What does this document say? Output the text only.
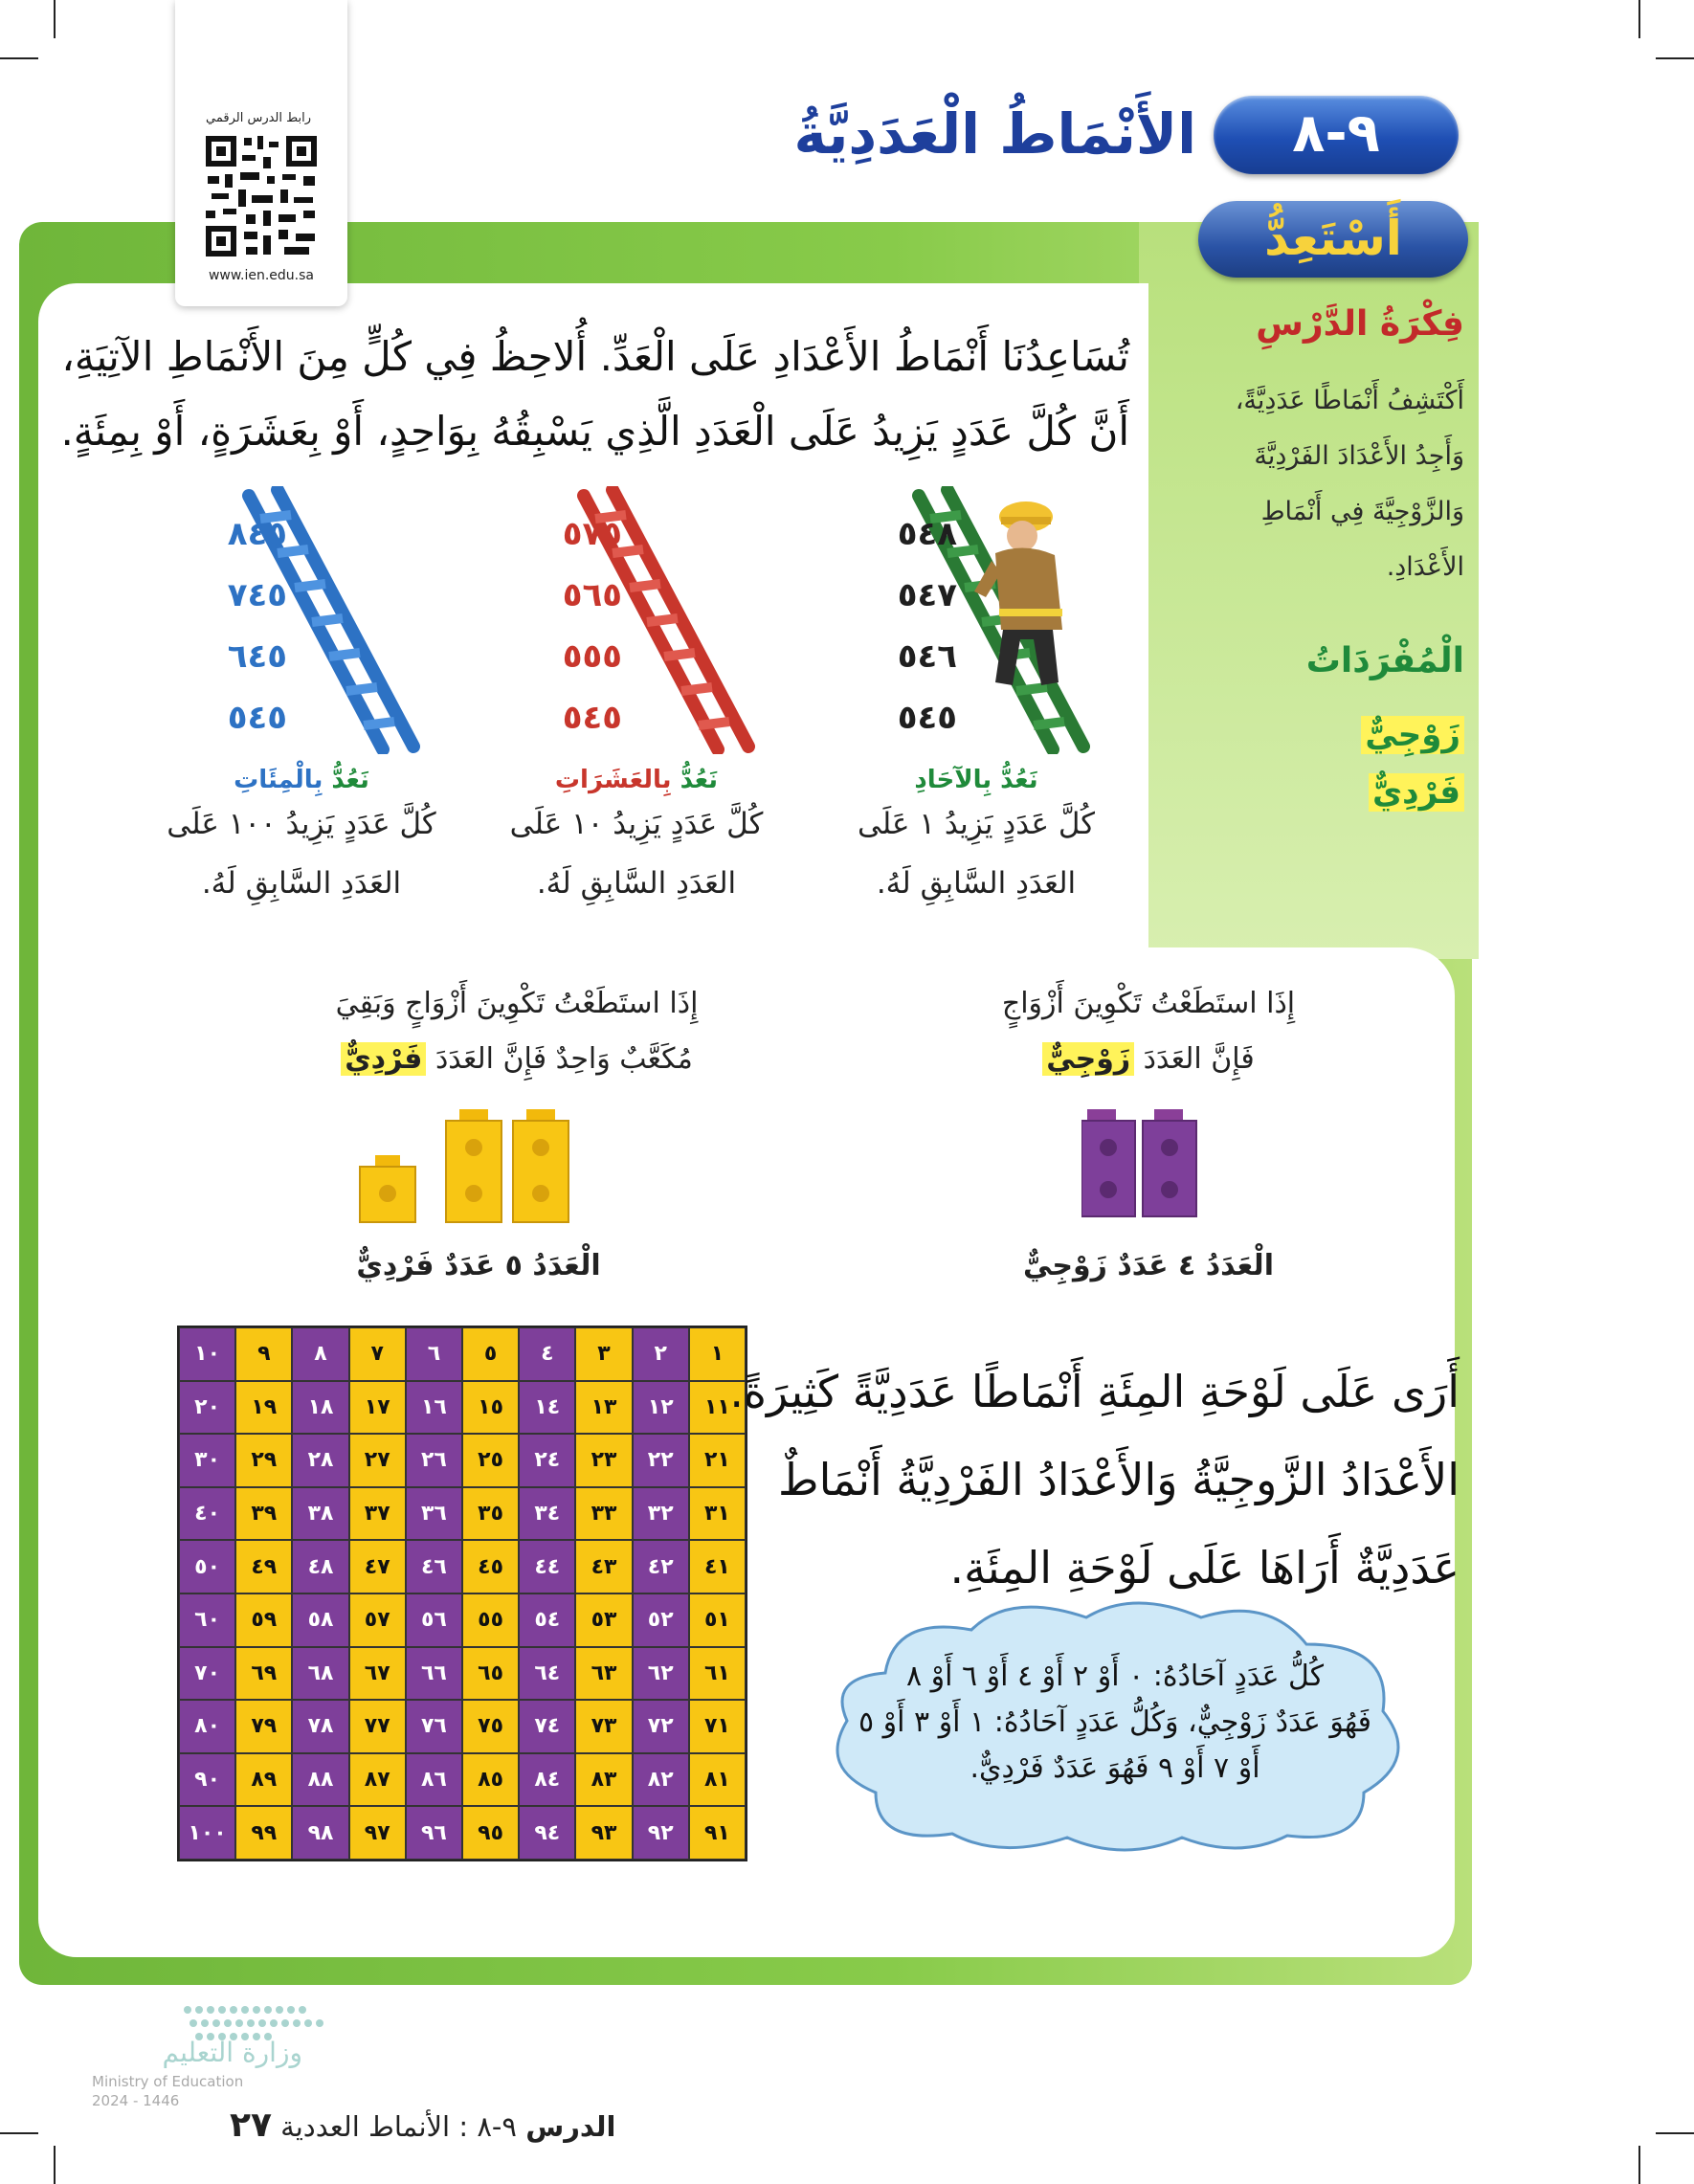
رابط الدرس الرقمي
www.ien.edu.sa
٩-٨
الأَنْمَاطُ الْعَدَدِيَّةُ
أَسْتَعِدُّ
فِكْرَةُ الدَّرْسِ
أَكْتَشِفُ أَنْمَاطًا عَدَدِيَّةً،
وَأَجِدُ الأَعْدَادَ الفَرْدِيَّةَ
وَالزَّوْجِيَّةَ فِي أَنْمَاطِ
الأَعْدَادِ.
الْمُفْرَدَاتُ
زَوْجِيٌّ
فَرْدِيٌّ
تُسَاعِدُنَا أَنْمَاطُ الأَعْدَادِ عَلَى الْعَدِّ. أُلاحِظُ فِي كُلٍّ مِنَ الأَنْمَاطِ الآتِيَةِ،
أَنَّ كُلَّ عَدَدٍ يَزِيدُ عَلَى الْعَدَدِ الَّذِي يَسْبِقُهُ بِوَاحِدٍ، أَوْ بِعَشَرَةٍ، أَوْ بِمِئَةٍ.
٥٤٨
٥٤٧
٥٤٦
٥٤٥
٥٧٥
٥٦٥
٥٥٥
٥٤٥
٨٤٥
٧٤٥
٦٤٥
٥٤٥
نَعُدُّ بِالآحَادِ
كُلَّ عَدَدٍ يَزِيدُ ١ عَلَى
العَدَدِ السَّابِقِ لَهُ.
نَعُدُّ بِالعَشَرَاتِ
كُلَّ عَدَدٍ يَزِيدُ ١٠ عَلَى
العَدَدِ السَّابِقِ لَهُ.
نَعُدُّ بِالْمِئَاتِ
كُلَّ عَدَدٍ يَزِيدُ ١٠٠ عَلَى
العَدَدِ السَّابِقِ لَهُ.
إِذَا استَطَعْتُ تَكْوِينَ أَزْوَاجٍ
فَإِنَّ العَدَدَ زَوْجِيٌّ
الْعَدَدُ ٤ عَدَدٌ زَوْجِيٌّ
إِذَا استَطَعْتُ تَكْوِينَ أَزْوَاجٍ وَبَقِيَ
مُكَعَّبٌ وَاحِدٌ فَإِنَّ العَدَدَ فَرْدِيٌّ
الْعَدَدُ ٥ عَدَدٌ فَرْدِيٌّ
١
٢
٣
٤
٥
٦
٧
٨
٩
١٠
١١
١٢
١٣
١٤
١٥
١٦
١٧
١٨
١٩
٢٠
٢١
٢٢
٢٣
٢٤
٢٥
٢٦
٢٧
٢٨
٢٩
٣٠
٣١
٣٢
٣٣
٣٤
٣٥
٣٦
٣٧
٣٨
٣٩
٤٠
٤١
٤٢
٤٣
٤٤
٤٥
٤٦
٤٧
٤٨
٤٩
٥٠
٥١
٥٢
٥٣
٥٤
٥٥
٥٦
٥٧
٥٨
٥٩
٦٠
٦١
٦٢
٦٣
٦٤
٦٥
٦٦
٦٧
٦٨
٦٩
٧٠
٧١
٧٢
٧٣
٧٤
٧٥
٧٦
٧٧
٧٨
٧٩
٨٠
٨١
٨٢
٨٣
٨٤
٨٥
٨٦
٨٧
٨٨
٨٩
٩٠
٩١
٩٢
٩٣
٩٤
٩٥
٩٦
٩٧
٩٨
٩٩
١٠٠
أَرَى عَلَى لَوْحَةِ المِئَةِ أَنْمَاطًا عَدَدِيَّةً كَثِيرَةً.
الأَعْدَادُ الزَّوجِيَّةُ وَالأَعْدَادُ الفَرْدِيَّةُ أَنْمَاطٌ
عَدَدِيَّةٌ أَرَاهَا عَلَى لَوْحَةِ المِئَةِ.
كُلُّ عَدَدٍ آحَادُهُ: ٠ أَوْ ٢ أَوْ ٤ أَوْ ٦ أَوْ ٨
فَهُوَ عَدَدٌ زَوْجِيٌّ، وَكُلُّ عَدَدٍ آحَادُهُ: ١ أَوْ ٣ أَوْ ٥
أَوْ ٧ أَوْ ٩ فَهُوَ عَدَدٌ فَرْدِيٌّ.
وزارة التعليم
Ministry of Education
2024 - 1446
الدرس ٩-٨ : الأنماط العددية ٢٧
